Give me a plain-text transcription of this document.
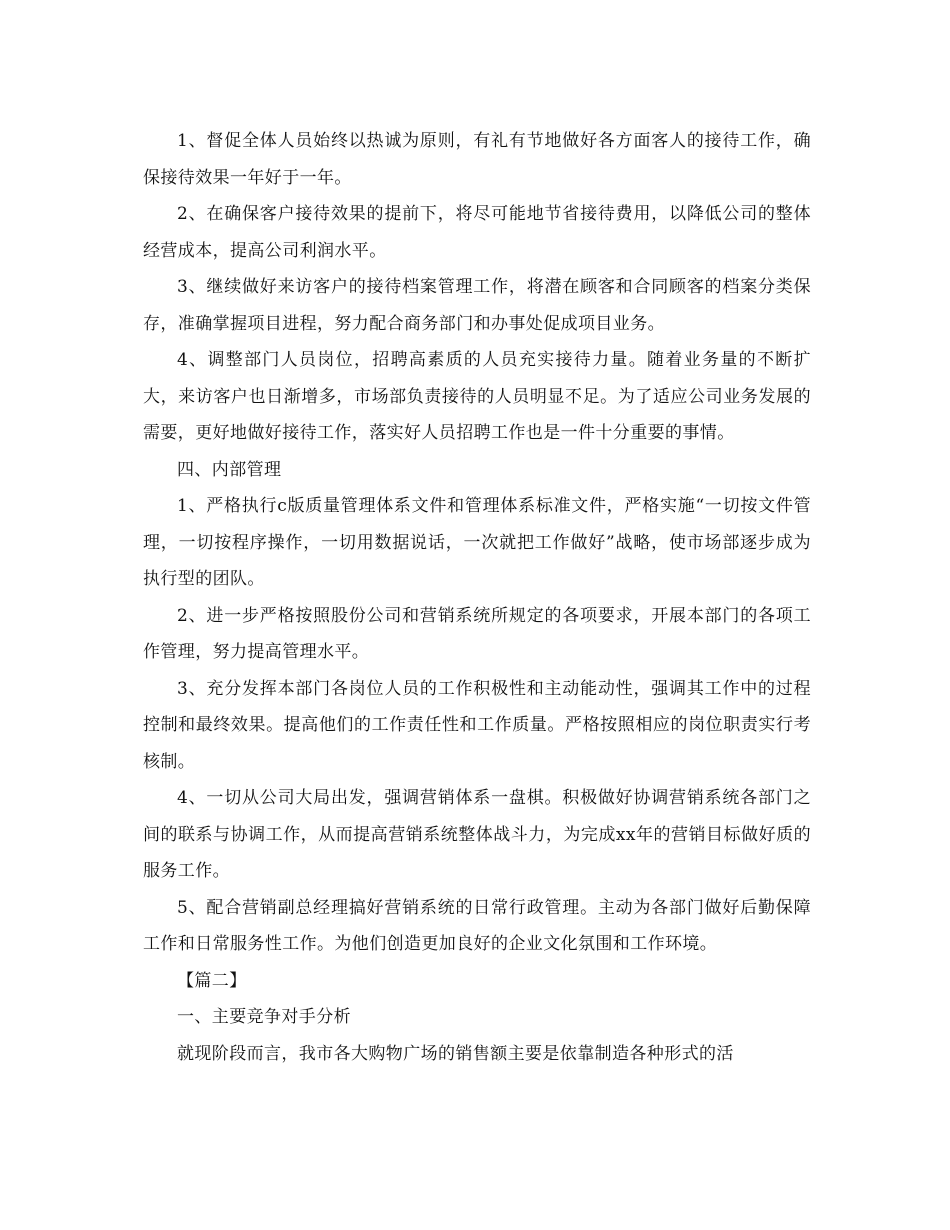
1、督促全体人员始终以热诚为原则，有礼有节地做好各方面客人的接待工作，确保接待效果一年好于一年。

2、在确保客户接待效果的提前下，将尽可能地节省接待费用，以降低公司的整体经营成本，提高公司利润水平。

3、继续做好来访客户的接待档案管理工作，将潜在顾客和合同顾客的档案分类保存，准确掌握项目进程，努力配合商务部门和办事处促成项目业务。

4、调整部门人员岗位，招聘高素质的人员充实接待力量。随着业务量的不断扩大，来访客户也日渐增多，市场部负责接待的人员明显不足。为了适应公司业务发展的需要，更好地做好接待工作，落实好人员招聘工作也是一件十分重要的事情。

四、内部管理

1、严格执行c版质量管理体系文件和管理体系标准文件，严格实施“一切按文件管理，一切按程序操作，一切用数据说话，一次就把工作做好”战略，使市场部逐步成为执行型的团队。

2、进一步严格按照股份公司和营销系统所规定的各项要求，开展本部门的各项工作管理，努力提高管理水平。

3、充分发挥本部门各岗位人员的工作积极性和主动能动性，强调其工作中的过程控制和最终效果。提高他们的工作责任性和工作质量。严格按照相应的岗位职责实行考核制。

4、一切从公司大局出发，强调营销体系一盘棋。积极做好协调营销系统各部门之间的联系与协调工作，从而提高营销系统整体战斗力，为完成xx年的营销目标做好质的服务工作。

5、配合营销副总经理搞好营销系统的日常行政管理。主动为各部门做好后勤保障工作和日常服务性工作。为他们创造更加良好的企业文化氛围和工作环境。

【篇二】

一、主要竞争对手分析

就现阶段而言，我市各大购物广场的销售额主要是依靠制造各种形式的活
